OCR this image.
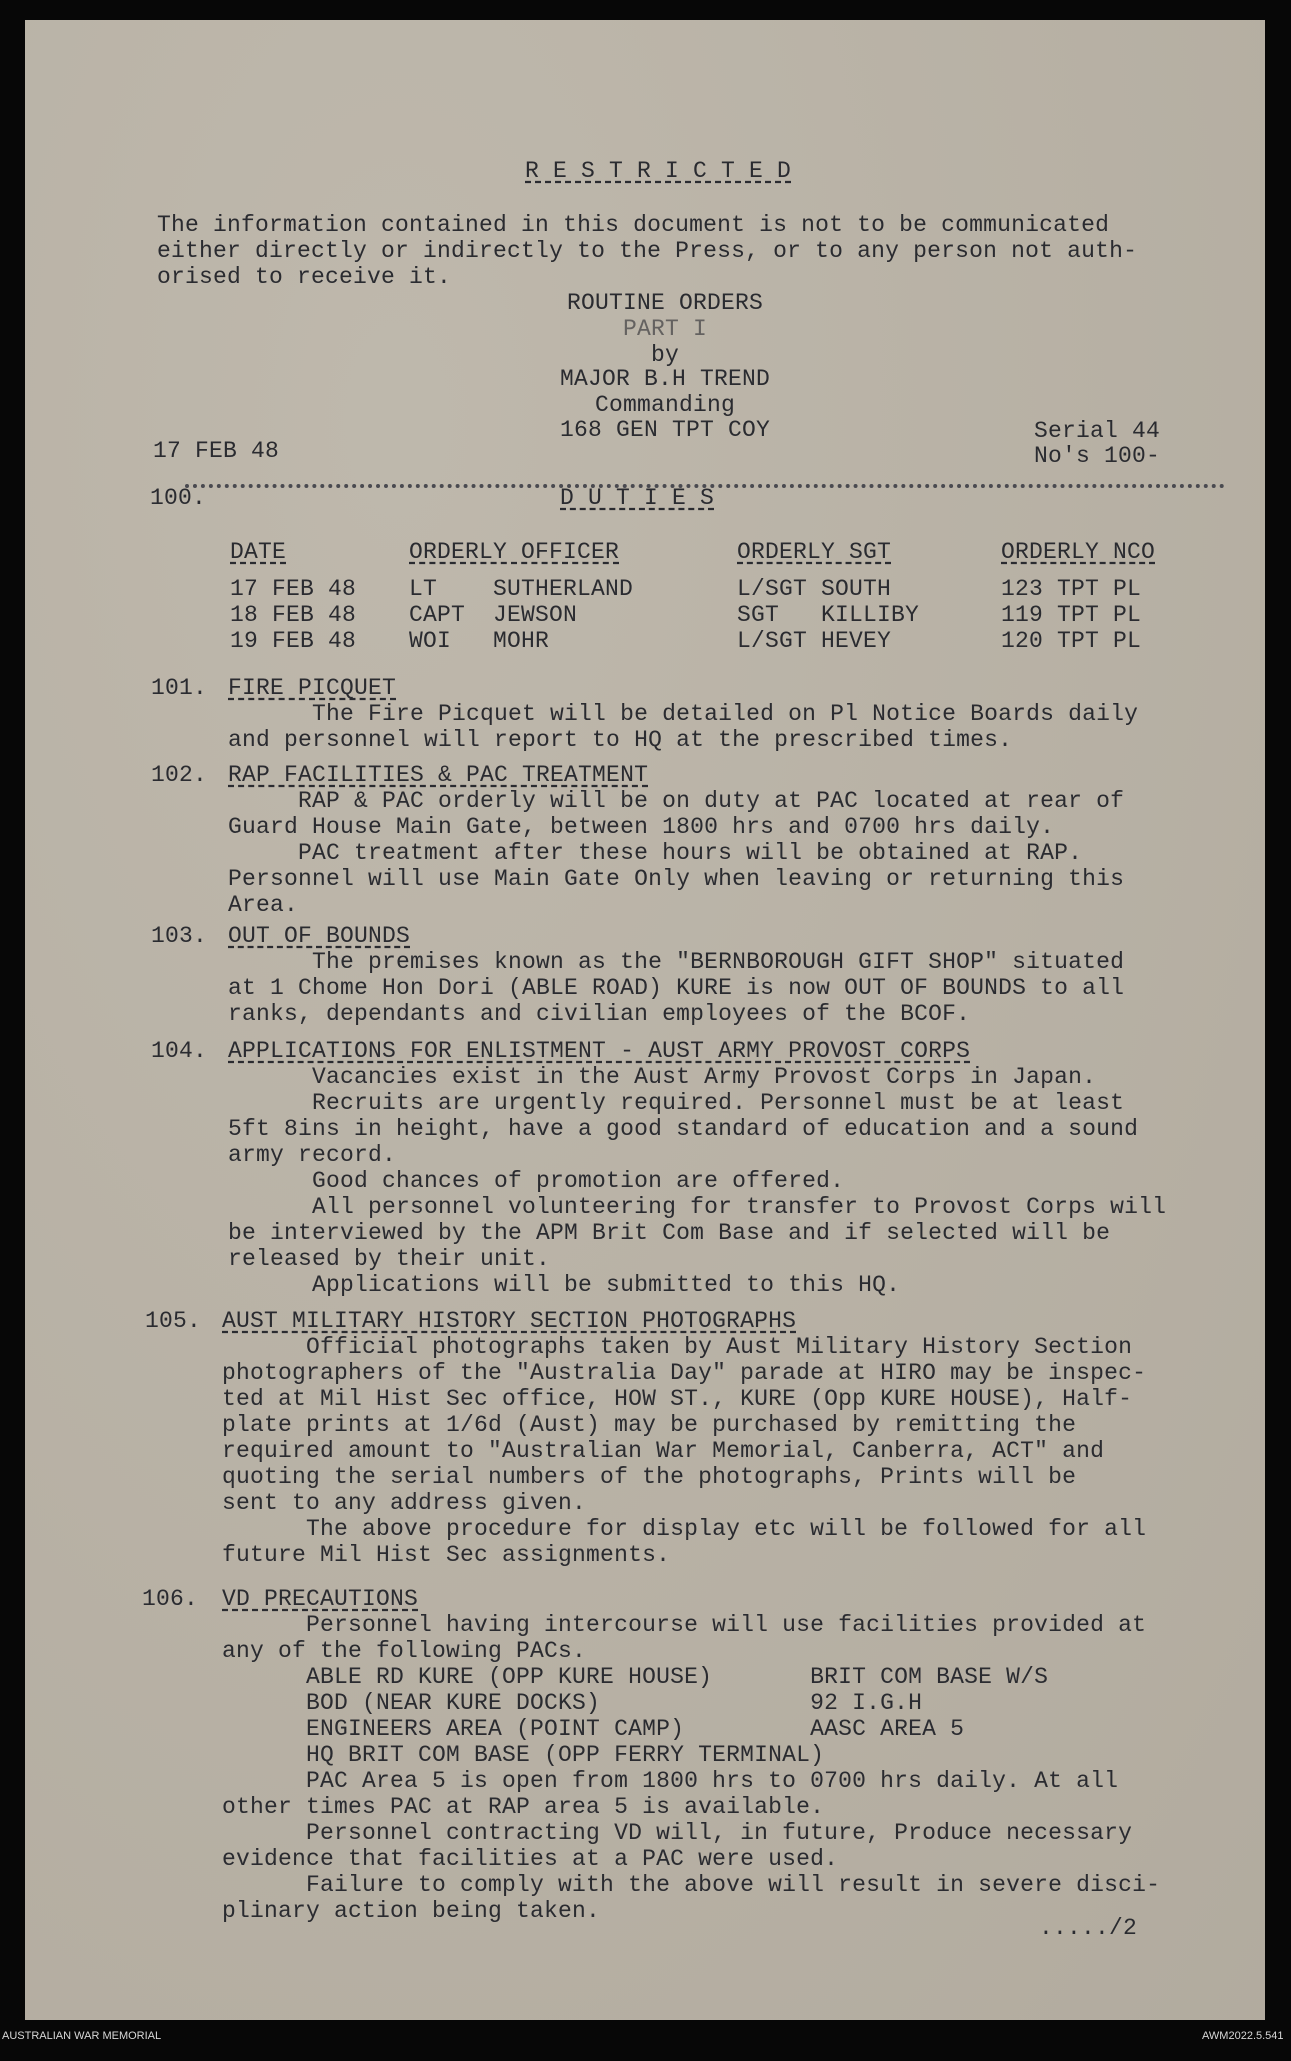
R E S T R I C T E D
The information contained in this document is not to be communicated
either directly or indirectly to the Press, or to any person not auth-
orised to receive it.
ROUTINE ORDERS
PART I
by
MAJOR B.H TREND
Commanding
168 GEN TPT COY
17 FEB 48
Serial 44
No's 100-
100.	D U T I E S
DATE	ORDERLY OFFICER	ORDERLY SGT	ORDERLY NCO
17 FEB 48 LT    SUTHERLAND	L/SGT SOUTH	123 TPT PL
18 FEB 48 CAPT  JEWSON	SGT   KILLIBY	119 TPT PL
19 FEB 48 WOI   MOHR	L/SGT HEVEY	120 TPT PL
101. FIRE PICQUET
The Fire Picquet will be detailed on Pl Notice Boards daily
and personnel will report to HQ at the prescribed times.
102. RAP FACILITIES & PAC TREATMENT
RAP & PAC orderly will be on duty at PAC located at rear of
Guard House Main Gate, between 1800 hrs and 0700 hrs daily.
PAC treatment after these hours will be obtained at RAP.
Personnel will use Main Gate Only when leaving or returning this
Area.
103. OUT OF BOUNDS
The premises known as the "BERNBOROUGH GIFT SHOP" situated
at 1 Chome Hon Dori (ABLE ROAD) KURE is now OUT OF BOUNDS to all
ranks, dependants and civilian employees of the BCOF.
104. APPLICATIONS FOR ENLISTMENT - AUST ARMY PROVOST CORPS
Vacancies exist in the Aust Army Provost Corps in Japan.
Recruits are urgently required. Personnel must be at least
5ft 8ins in height, have a good standard of education and a sound
army record.
Good chances of promotion are offered.
All personnel volunteering for transfer to Provost Corps will
be interviewed by the APM Brit Com Base and if selected will be
released by their unit.
Applications will be submitted to this HQ.
105. AUST MILITARY HISTORY SECTION PHOTOGRAPHS
Official photographs taken by Aust Military History Section
photographers of the "Australia Day" parade at HIRO may be inspec-
ted at Mil Hist Sec office, HOW ST., KURE (Opp KURE HOUSE), Half-
plate prints at 1/6d (Aust) may be purchased by remitting the
required amount to "Australian War Memorial, Canberra, ACT" and
quoting the serial numbers of the photographs, Prints will be
sent to any address given.
The above procedure for display etc will be followed for all
future Mil Hist Sec assignments.
106. VD PRECAUTIONS
Personnel having intercourse will use facilities provided at
any of the following PACs.
ABLE RD KURE (OPP KURE HOUSE)       BRIT COM BASE W/S
BOD (NEAR KURE DOCKS)               92 I.G.H
ENGINEERS AREA (POINT CAMP)         AASC AREA 5
HQ BRIT COM BASE (OPP FERRY TERMINAL)
PAC Area 5 is open from 1800 hrs to 0700 hrs daily. At all
other times PAC at RAP area 5 is available.
Personnel contracting VD will, in future, Produce necessary
evidence that facilities at a PAC were used.
Failure to comply with the above will result in severe disci-
plinary action being taken.
...../2
AUSTRALIAN WAR MEMORIAL	AWM2022.5.541
